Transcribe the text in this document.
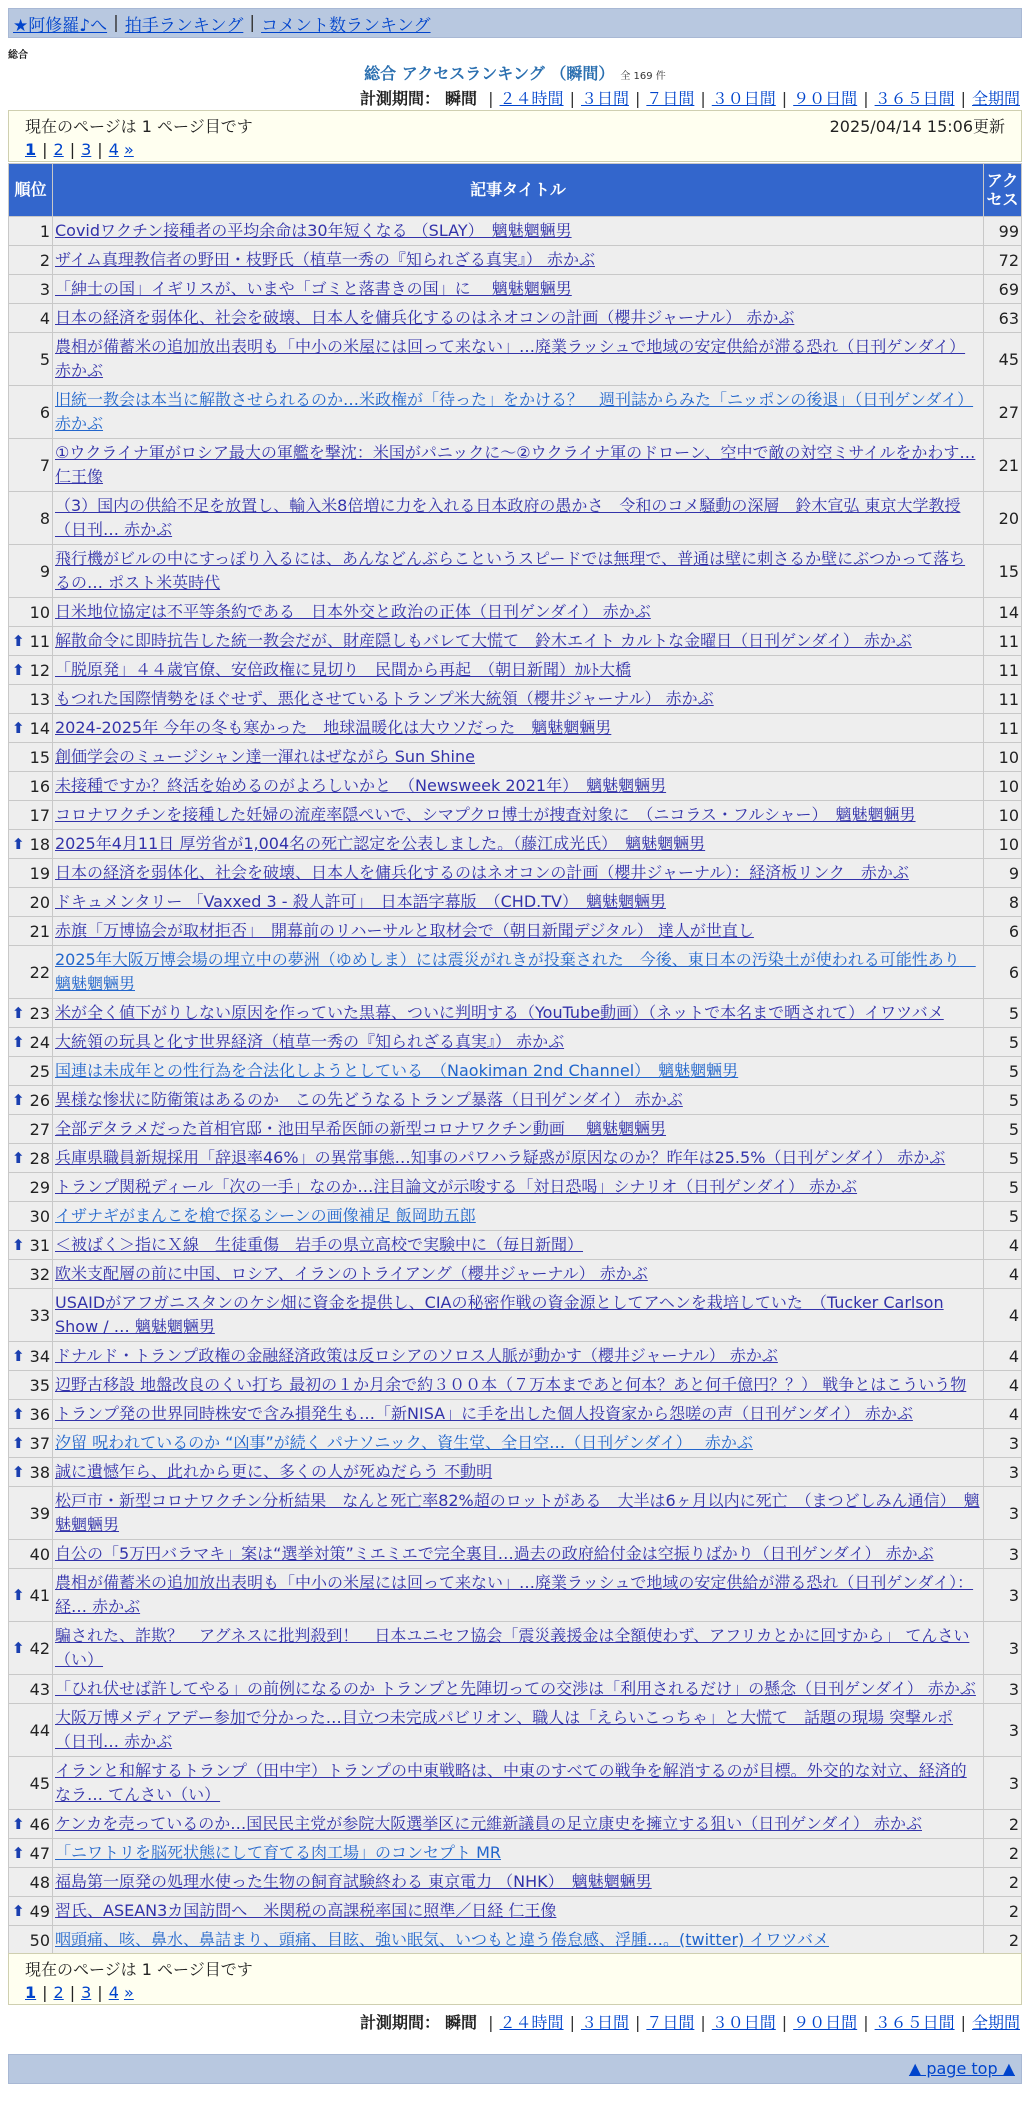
★阿修羅♪へ | 拍手ランキング | コメント数ランキング
総合
総合 アクセスランキング （瞬間） 全 169 件
計測期間： 瞬間 | ２４時間 | ３日間 | ７日間 | ３０日間 | ９０日間 | ３６５日間 | 全期間
現在のページは 1 ページ目です	2025/04/14 15:06更新
1 | 2 | 3 | 4 »
順位	記事タイトル	アクセス
1	Covidワクチン接種者の平均余命は30年短くなる （SLAY）　魑魅魍魎男	99
2	ザイム真理教信者の野田・枝野氏（植草一秀の『知られざる真実』） 赤かぶ	72
3	「紳士の国」イギリスが、いまや「ゴミと落書きの国」に　 魑魅魍魎男	69
4	日本の経済を弱体化、社会を破壊、日本人を傭兵化するのはネオコンの計画（櫻井ジャーナル） 赤かぶ	63
5	農相が備蓄米の追加放出表明も「中小の米屋には回って来ない」…廃業ラッシュで地域の安定供給が滞る恐れ（日刊ゲンダイ） 赤かぶ	45
6	旧統一教会は本当に解散させられるのか…米政権が「待った」をかける？　週刊誌からみた「ニッポンの後退」（日刊ゲンダイ） 赤かぶ	27
7	①ウクライナ軍がロシア最大の軍艦を撃沈：米国がパニックに～②ウクライナ軍のドローン、空中で敵の対空ミサイルをかわす… 仁王像	21
8	（3）国内の供給不足を放置し、輸入米8倍増に力を入れる日本政府の愚かさ　令和のコメ騒動の深層　鈴木宣弘 東京大学教授（日刊… 赤かぶ	20
9	飛行機がビルの中にすっぽり入るには、あんなどんぶらこというスピードでは無理で、普通は壁に刺さるか壁にぶつかって落ちるの… ポスト米英時代	15
10	日米地位協定は不平等条約である　日本外交と政治の正体（日刊ゲンダイ） 赤かぶ	14

⬆ 11	解散命令に即時抗告した統一教会だが、財産隠しもバレて大慌て　鈴木エイト カルトな金曜日（日刊ゲンダイ） 赤かぶ	11

⬆ 12	「脱原発」４４歳官僚、安倍政権に見切り　民間から再起　（朝日新聞）ｶﾙﾄ大橋	11
13	もつれた国際情勢をほぐせず、悪化させているトランプ米大統領（櫻井ジャーナル） 赤かぶ	11

⬆ 14	2024-2025年 今年の冬も寒かった　地球温暖化は大ウソだった　魑魅魍魎男	11
15	創価学会のミュージシャン達一渾れはぜながら Sun Shine	10
16	未接種ですか？終活を始めるのがよろしいかと　（Newsweek 2021年）　魑魅魍魎男	10
17	コロナワクチンを接種した妊婦の流産率隠ぺいで、シマプクロ博士が捜査対象に　（ニコラス・フルシャー）　魑魅魍魎男	10

⬆ 18	2025年4月11日 厚労省が1,004名の死亡認定を公表しました。（藤江成光氏）　魑魅魍魎男	10
19	日本の経済を弱体化、社会を破壊、日本人を傭兵化するのはネオコンの計画（櫻井ジャーナル）：経済板リンク　赤かぶ	9
20	ドキュメンタリー 「Vaxxed 3 - 殺人許可」　日本語字幕版　（CHD.TV）　魑魅魍魎男	8
21	赤旗「万博協会が取材拒否」　開幕前のリハーサルと取材会で（朝日新聞デジタル） 達人が世直し	6
22	2025年大阪万博会場の埋立中の夢洲（ゆめしま）には震災がれきが投棄された　今後、東日本の汚染土が使われる可能性あり　魑魅魍魎男	6

⬆ 23	米が全く値下がりしない原因を作っていた黒幕、ついに判明する（YouTube動画）（ネットで本名まで晒されて）イワツバメ	5

⬆ 24	大統領の玩具と化す世界経済（植草一秀の『知られざる真実』） 赤かぶ	5
25	国連は未成年との性行為を合法化しようとしている　（Naokiman 2nd Channel）　魑魅魍魎男	5

⬆ 26	異様な惨状に防衛策はあるのか　この先どうなるトランプ暴落（日刊ゲンダイ） 赤かぶ	5
27	全部デタラメだった首相官邸・池田早希医師の新型コロナワクチン動画　 魑魅魍魎男	5

⬆ 28	兵庫県職員新規採用「辞退率46%」の異常事態…知事のパワハラ疑惑が原因なのか？昨年は25.5%（日刊ゲンダイ） 赤かぶ	5
29	トランプ関税ディール「次の一手」なのか…注目論文が示唆する「対日恐喝」シナリオ（日刊ゲンダイ） 赤かぶ	5
30	イザナギがまんこを槍で探るシーンの画像補足 飯岡助五郎	5

⬆ 31	＜被ばく＞指にＸ線　生徒重傷　岩手の県立高校で実験中に（毎日新聞）	4
32	欧米支配層の前に中国、ロシア、イランのトライアング（櫻井ジャーナル） 赤かぶ	4
33	USAIDがアフガニスタンのケシ畑に資金を提供し、CIAの秘密作戦の資金源としてアヘンを栽培していた　（Tucker Carlson Show / … 魑魅魍魎男	4

⬆ 34	ドナルド・トランプ政権の金融経済政策は反ロシアのソロス人脈が動かす（櫻井ジャーナル） 赤かぶ	4
35	辺野古移設 地盤改良のくい打ち 最初の１か月余で約３００本（７万本まであと何本？あと何千億円？？） 戦争とはこういう物	4

⬆ 36	トランプ発の世界同時株安で含み損発生も…「新NISA」に手を出した個人投資家から怨嗟の声（日刊ゲンダイ） 赤かぶ	4

⬆ 37	汐留 呪われているのか “凶事”が続く パナソニック、資生堂、全日空…（日刊ゲンダイ）　 赤かぶ	3

⬆ 38	誠に遺憾乍ら、此れから更に、多くの人が死ぬだらう 不動明	3
39	松戸市・新型コロナワクチン分析結果　なんと死亡率82%超のロットがある　大半は6ヶ月以内に死亡　（まつどしみん通信）　魑魅魍魎男	3
40	自公の「5万円バラマキ」案は“選挙対策”ミエミエで完全裏目…過去の政府給付金は空振りばかり（日刊ゲンダイ） 赤かぶ	3

⬆ 41	農相が備蓄米の追加放出表明も「中小の米屋には回って来ない」…廃業ラッシュで地域の安定供給が滞る恐れ（日刊ゲンダイ）：経… 赤かぶ	3

⬆ 42	騙された、詐欺？　アグネスに批判殺到！　日本ユニセフ協会「震災義援金は全額使わず、アフリカとかに回すから」 てんさい（い）	3
43	「ひれ伏せば許してやる」の前例になるのか トランプと先陣切っての交渉は「利用されるだけ」の懸念（日刊ゲンダイ） 赤かぶ	3
44	大阪万博メディアデー参加で分かった…目立つ未完成パビリオン、職人は「えらいこっちゃ」と大慌て　話題の現場 突撃ルポ（日刊… 赤かぶ	3
45	イランと和解するトランプ（田中宇）トランプの中東戦略は、中東のすべての戦争を解消するのが目標。外交的な対立、経済的なラ… てんさい（い）	3

⬆ 46	ケンカを売っているのか…国民民主党が参院大阪選挙区に元維新議員の足立康史を擁立する狙い（日刊ゲンダイ） 赤かぶ	2

⬆ 47	「ニワトリを脳死状態にして育てる肉工場」のコンセプト MR	2
48	福島第一原発の処理水使った生物の飼育試験終わる 東京電力 （NHK）　魑魅魍魎男	2

⬆ 49	習氏、ASEAN3カ国訪問へ　米関税の高課税率国に照準／日経 仁王像	2
50	咽頭痛、咳、鼻水、鼻詰まり、頭痛、目眩、強い眠気、いつもと違う倦怠感、浮腫…。(twitter) イワツバメ	2
現在のページは 1 ページ目です
1 | 2 | 3 | 4 »
計測期間： 瞬間 | ２４時間 | ３日間 | ７日間 | ３０日間 | ９０日間 | ３６５日間 | 全期間
▲ page top ▲
